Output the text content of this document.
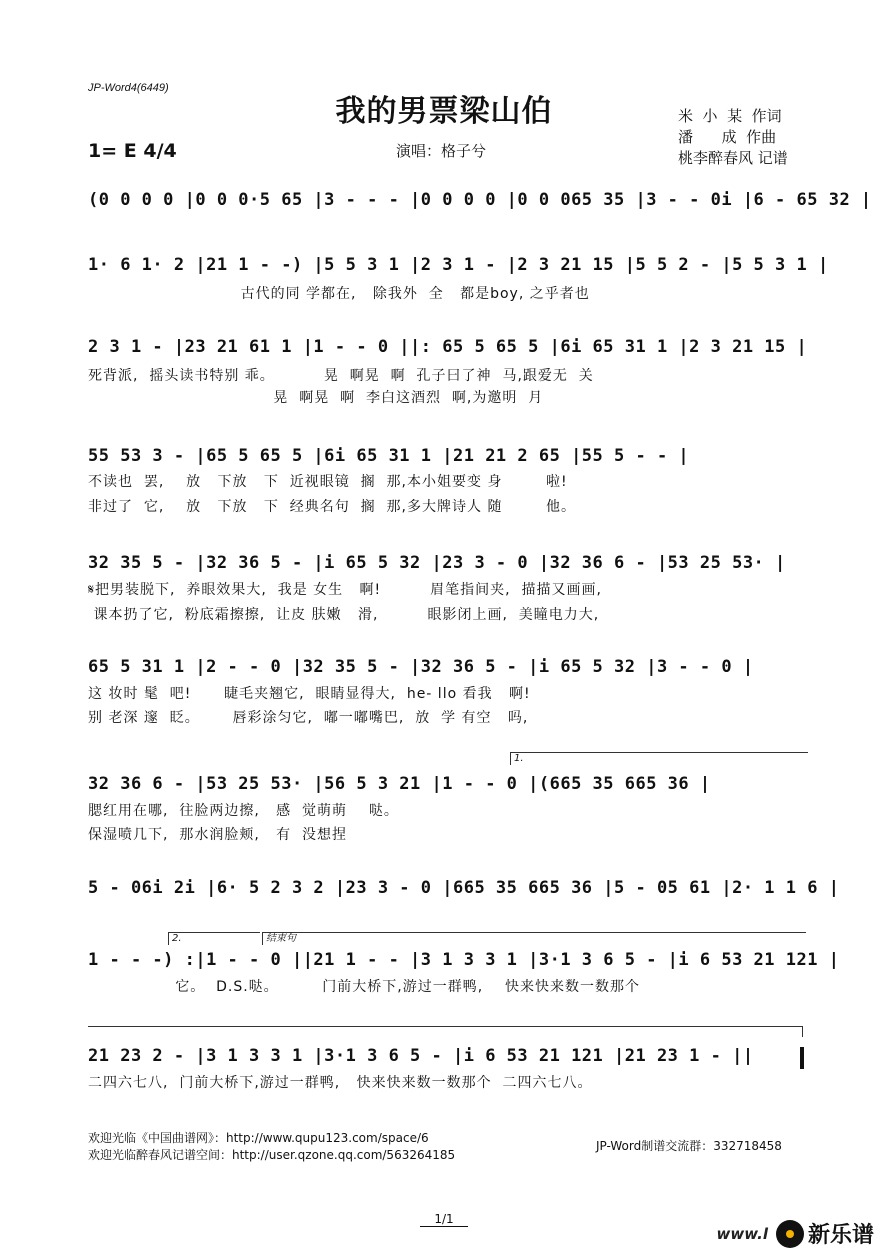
JP-Word4(6449)
我的男票梁山伯	米  小  某  作词
潘      成  作曲
桃李醉春风 记谱
1= E 4/4	演唱：格子兮
(0 0 0 0 |0 0 0·5 65 |3 - - - |0 0 0 0 |0 0 065 35 |3 - - 0i |6 - 65 32 |
1· 6 1· 2 |21 1 - -) |5 5 3 1 |2 3 1 - |2 3 21 15 |5 5 2 - |5 5 3 1 |
古代的同 学都在,   除我外  全   都是boy, 之乎者也
2 3 1 - |23 21 61 1 |1 - - 0 ||: 65 5 65 5 |6i 65 31 1 |2 3 21 15 |
死背派,  摇头读书特别 乖。         晃  啊晃  啊  孔子曰了神  马,跟爱无  关
晃  啊晃  啊  李白这酒烈  啊,为邀明  月
55 53 3 - |65 5 65 5 |6i 65 31 1 |21 21 2 65 |55 5 - - |
不读也  罢,    放   下放   下  近视眼镜  搁  那,本小姐要变 身        啦!
非过了  它,    放   下放   下  经典名句  搁  那,多大牌诗人 随        他。
32 35 5 - |32 36 5 - |i 65 5 32 |23 3 - 0 |32 36 6 - |53 25 53· |
𝄋把男装脱下,  养眼效果大,  我是 女生   啊!         眉笔指间夹,  描描又画画,
课本扔了它,  粉底霜擦擦,  让皮 肤嫩   滑,         眼影闭上画,  美瞳电力大,
65 5 31 1 |2 - - 0 |32 35 5 - |32 36 5 - |i 65 5 32 |3 - - 0 |
这 妆时 髦  吧!      睫毛夹翘它,  眼睛显得大,  he- llo 看我   啊!
别 老深 邃  眨。      唇彩涂匀它,  嘟一嘟嘴巴,  放  学 有空   吗,
1.
32 36 6 - |53 25 53· |56 5 3 21 |1 - - 0 |(665 35 665 36 |
腮红用在哪,  往脸两边擦,   感  觉萌萌    哒。
保湿喷几下,  那水润脸颊,   有  没想捏
5 - 06i 2i |6· 5 2 3 2 |23 3 - 0 |665 35 665 36 |5 - 05 61 |2· 1 1 6 |
2.	结束句
1 - - -) :|1 - - 0 ||21 1 - - |3 1 3 3 1 |3·1 3 6 5 - |i 6 53 21 121 |
它。  D.S.哒。        门前大桥下,游过一群鸭,    快来快来数一数那个
21 23 2 - |3 1 3 3 1 |3·1 3 6 5 - |i 6 53 21 121 |21 23 1 - ||
二四六七八,  门前大桥下,游过一群鸭,   快来快来数一数那个  二四六七八。
欢迎光临《中国曲谱网》：http://www.qupu123.com/space/6
欢迎光临醉春风记谱空间：http://user.qzone.qq.com/563264185
JP-Word制谱交流群：332718458
1/1
www.l 新乐谱
